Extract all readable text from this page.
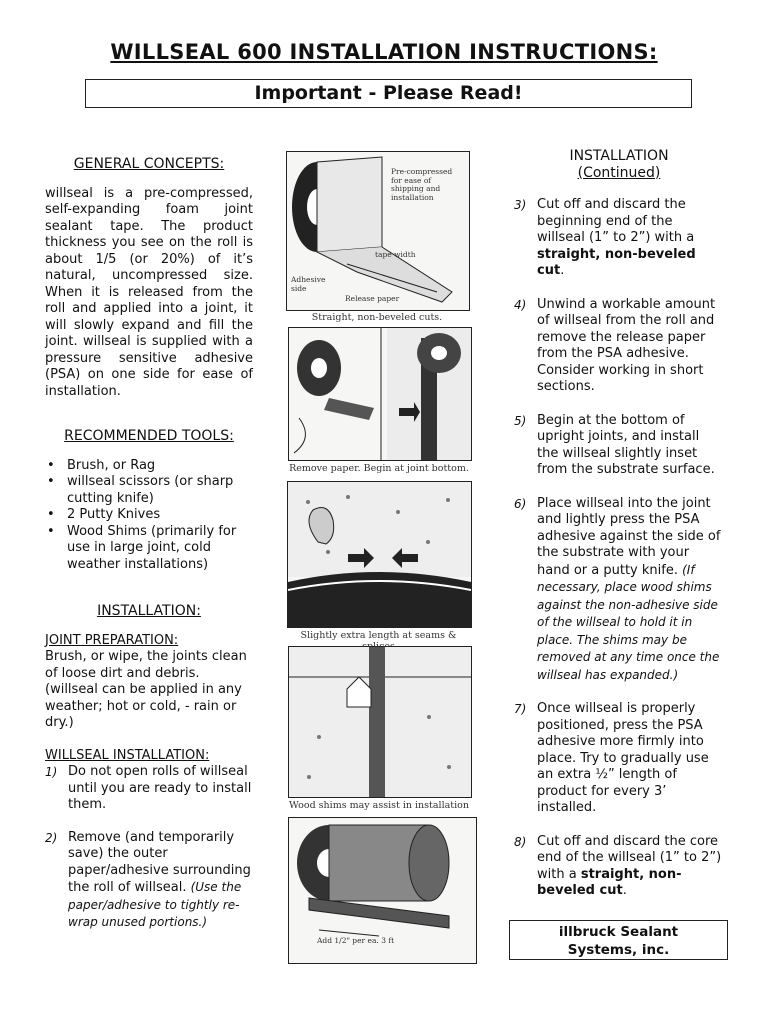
WILLSEAL 600 INSTALLATION INSTRUCTIONS:
Important - Please Read!

GENERAL CONCEPTS:

willseal is a pre-compressed, self-expanding foam joint sealant tape. The product thickness you see on the roll is about 1/5 (or 20%) of it’s natural, uncompressed size. When it is released from the roll and applied into a joint, it will slowly expand and fill the joint. willseal is supplied with a pressure sensitive adhesive (PSA) on one side for ease of installation.

RECOMMENDED TOOLS:

• Brush, or Rag
• willseal scissors (or sharp cutting knife)
• 2 Putty Knives
• Wood Shims (primarily for use in large joint, cold weather installations)

INSTALLATION:

JOINT PREPARATION:

Brush, or wipe, the joints clean of loose dirt and debris. (willseal can be applied in any weather; hot or cold, - rain or dry.)

WILLSEAL INSTALLATION:

1) Do not open rolls of willseal until you are ready to install them.
2) Remove (and temporarily save) the outer paper/adhesive surrounding the roll of willseal. (Use the paper/adhesive to tightly re-wrap unused portions.)
Pre-compressed for ease of shipping and installation
tape width
Adhesive side
Release paper
Straight, non-beveled cuts.
Remove paper. Begin at joint bottom.
Slightly extra length at seams &
Wood shims may assist in installation
Add 1/2" per ea. 3 ft

INSTALLATION

(Continued)

3) Cut off and discard the beginning end of the willseal (1” to 2”) with a straight, non-beveled cut.
4) Unwind a workable amount of willseal from the roll and remove the release paper from the PSA adhesive. Consider working in short sections.
5) Begin at the bottom of upright joints, and install the willseal slightly inset from the substrate surface.
6) Place willseal into the joint and lightly press the PSA adhesive against the side of the substrate with your hand or a putty knife. (If necessary, place wood shims against the non-adhesive side of the willseal to hold it in place. The shims may be removed at any time once the willseal has expanded.)
7) Once willseal is properly positioned, press the PSA adhesive more firmly into place. Try to gradually use an extra ½” length of product for every 3’ installed.
8) Cut off and discard the core end of the willseal (1” to 2”) with a straight, non-beveled cut.
illbruck Sealant
Systems, inc.
